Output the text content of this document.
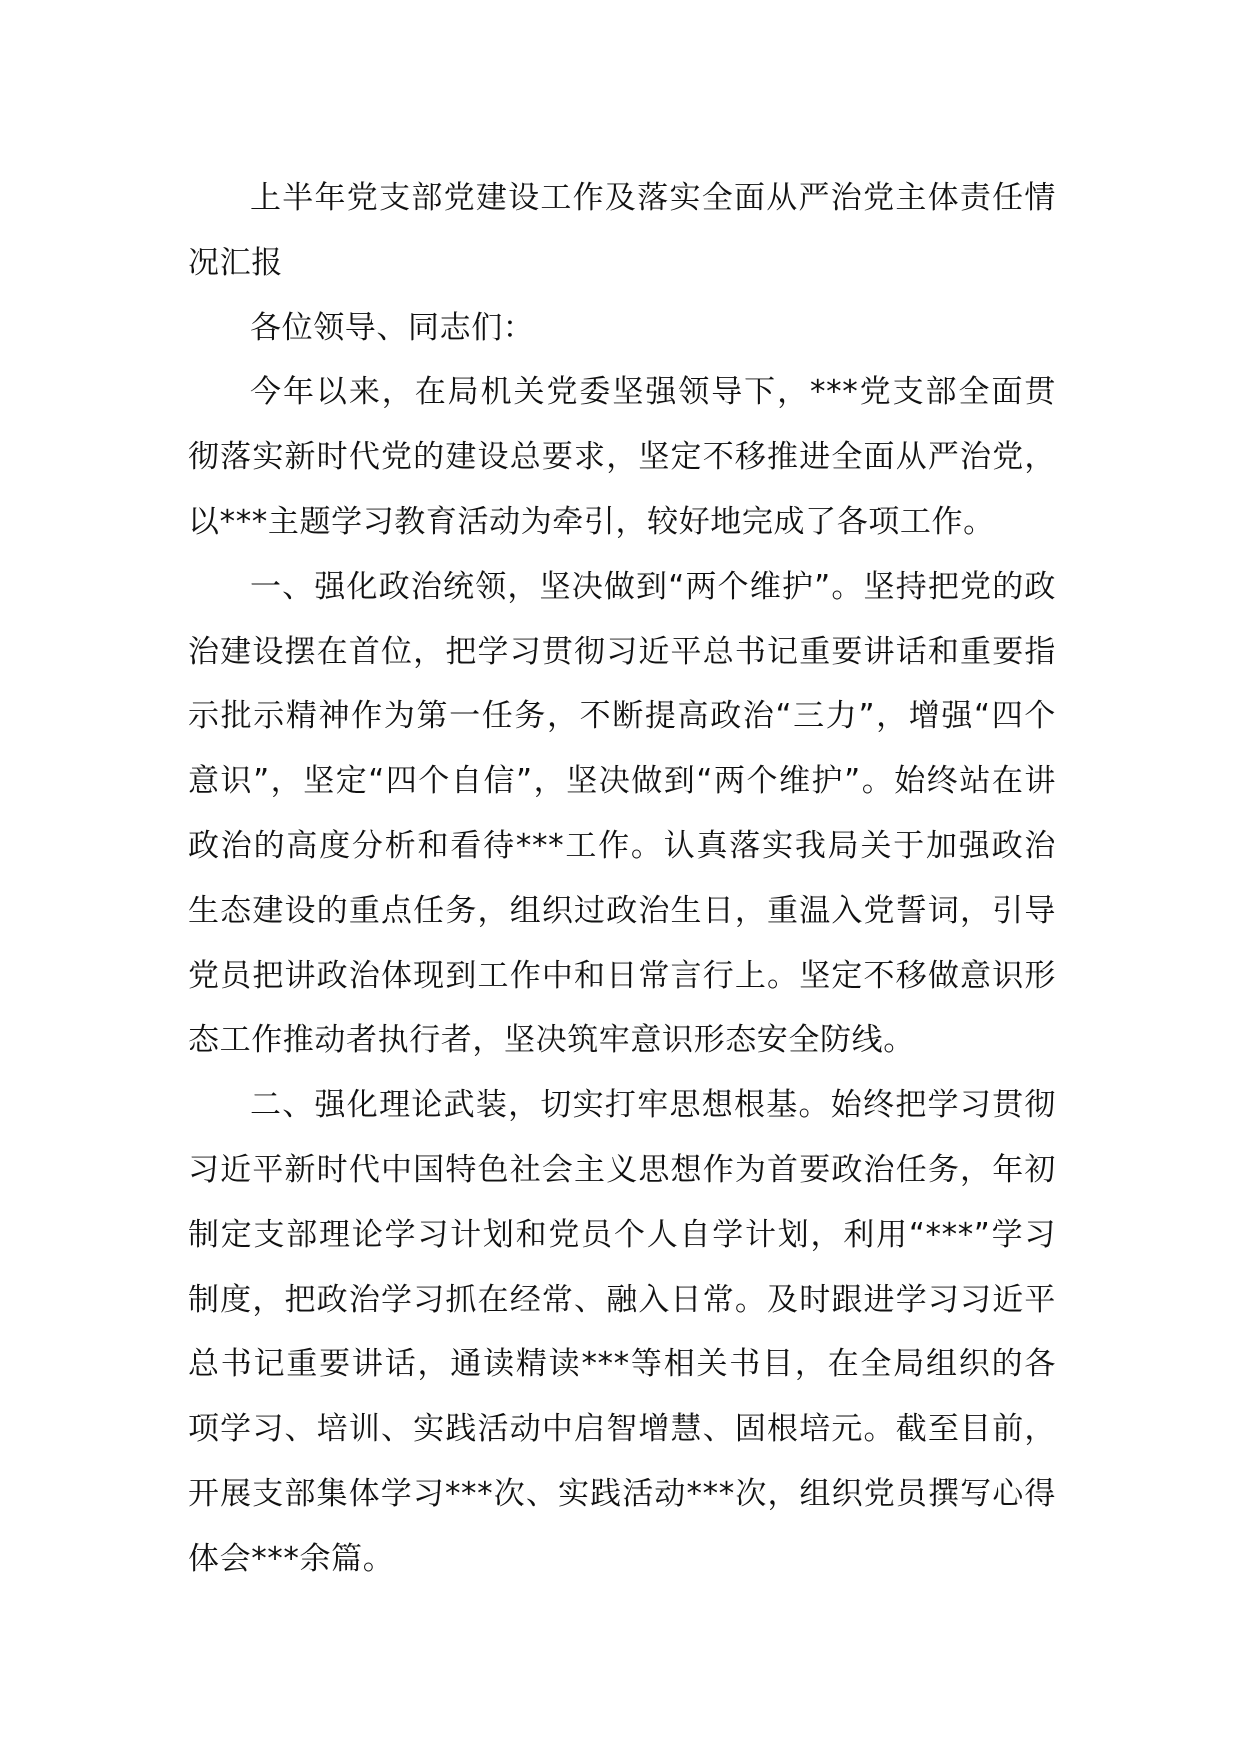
上半年党支部党建设工作及落实全面从严治党主体责任情况汇报

各位领导、同志们：

今年以来，在局机关党委坚强领导下，***党支部全面贯彻落实新时代党的建设总要求，坚定不移推进全面从严治党，以***主题学习教育活动为牵引，较好地完成了各项工作。

一、强化政治统领，坚决做到“两个维护”。坚持把党的政治建设摆在首位，把学习贯彻习近平总书记重要讲话和重要指示批示精神作为第一任务，不断提高政治“三力”，增强“四个意识”，坚定“四个自信”，坚决做到“两个维护”。始终站在讲政治的高度分析和看待***工作。认真落实我局关于加强政治生态建设的重点任务，组织过政治生日，重温入党誓词，引导党员把讲政治体现到工作中和日常言行上。坚定不移做意识形态工作推动者执行者，坚决筑牢意识形态安全防线。

二、强化理论武装，切实打牢思想根基。始终把学习贯彻习近平新时代中国特色社会主义思想作为首要政治任务，年初制定支部理论学习计划和党员个人自学计划，利用“***”学习制度，把政治学习抓在经常、融入日常。及时跟进学习习近平总书记重要讲话，通读精读***等相关书目，在全局组织的各项学习、培训、实践活动中启智增慧、固根培元。截至目前，开展支部集体学习***次、实践活动***次，组织党员撰写心得体会***余篇。
